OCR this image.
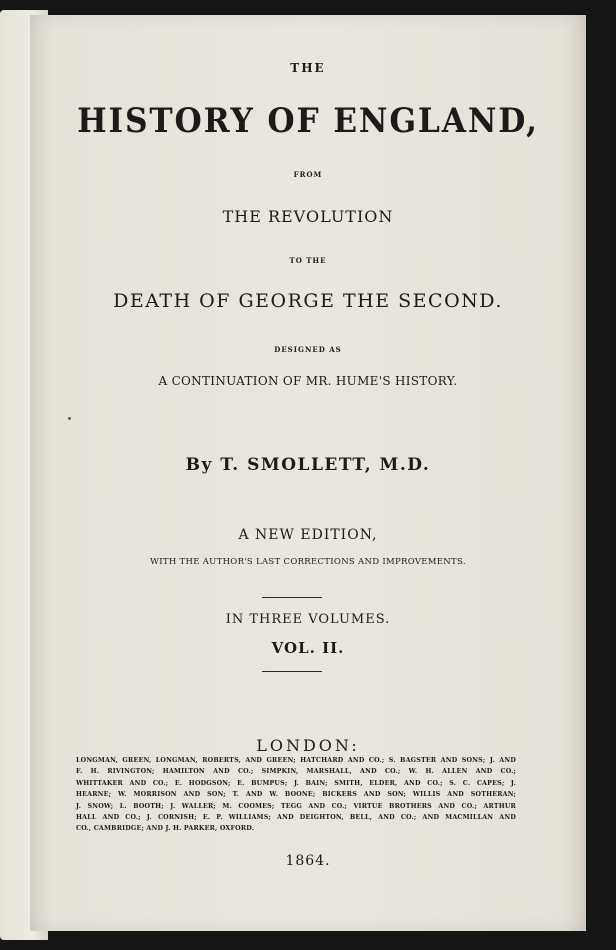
THE
HISTORY OF ENGLAND,
FROM
THE REVOLUTION
TO THE
DEATH OF GEORGE THE SECOND.
DESIGNED AS
A CONTINUATION OF MR. HUME'S HISTORY.
By T. SMOLLETT, M.D.
A NEW EDITION,
WITH THE AUTHOR'S LAST CORRECTIONS AND IMPROVEMENTS.
IN THREE VOLUMES.
VOL. II.
LONDON:
LONGMAN, GREEN, LONGMAN, ROBERTS, AND GREEN; HATCHARD AND CO.; S. BAGSTER AND SONS; J. AND
F. H. RIVINGTON; HAMILTON AND CO.; SIMPKIN, MARSHALL, AND CO.; W. H. ALLEN AND CO.;
WHITTAKER AND CO.; E. HODGSON; E. BUMPUS; J. BAIN; SMITH, ELDER, AND CO.; S. C. CAPES; J.
HEARNE; W. MORRISON AND SON; T. AND W. BOONE; BICKERS AND SON; WILLIS AND SOTHERAN;
J. SNOW; L. BOOTH; J. WALLER; M. COOMES; TEGG AND CO.; VIRTUE BROTHERS AND CO.; ARTHUR
HALL AND CO.; J. CORNISH; E. P. WILLIAMS; AND DEIGHTON, BELL, AND CO.; AND MACMILLAN AND
CO., CAMBRIDGE; AND J. H. PARKER, OXFORD.
1864.
